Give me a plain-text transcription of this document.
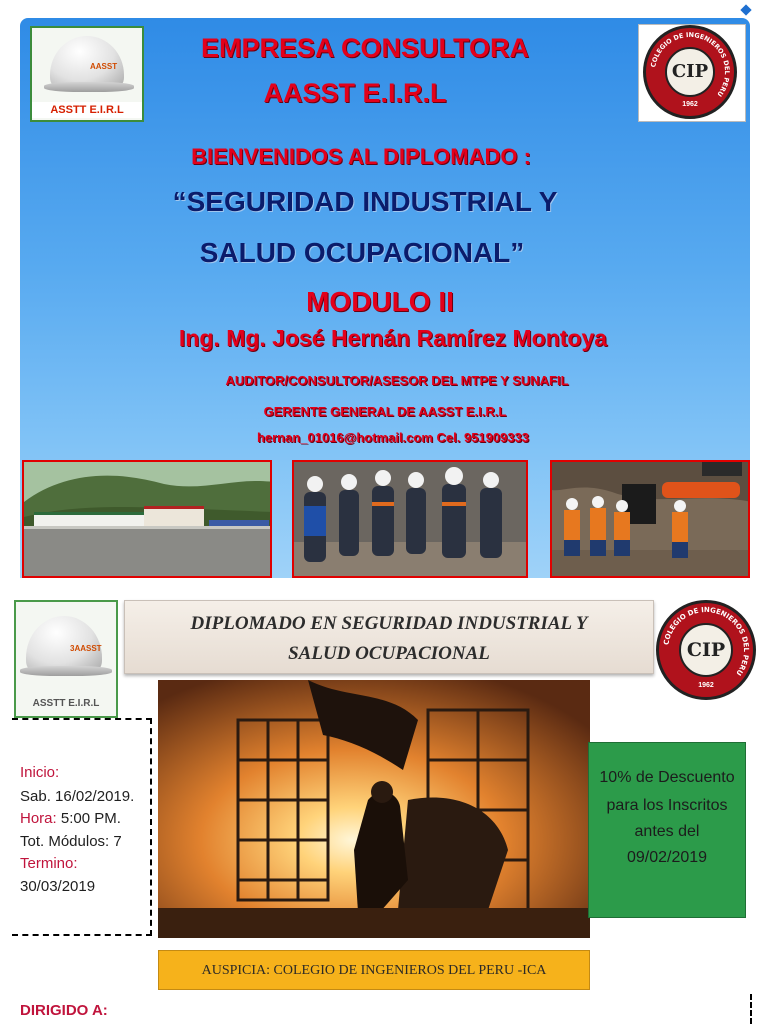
AASST
ASSTT E.I.R.L
COLEGIO DE INGENIEROS DEL PERU
CIP
1962
EMPRESA CONSULTORA
AASST E.I.R.L
BIENVENIDOS AL DIPLOMADO :
“SEGURIDAD INDUSTRIAL Y
SALUD OCUPACIONAL”
MODULO II
Ing. Mg. José Hernán Ramírez Montoya
AUDITOR/CONSULTOR/ASESOR DEL MTPE Y SUNAFIL
GERENTE GENERAL DE AASST E.I.R.L
hernan_01016@hotmail.com Cel. 951909333
3AASST
ASSTT E.I.R.L
DIPLOMADO EN SEGURIDAD INDUSTRIAL Y
SALUD OCUPACIONAL
COLEGIO DE INGENIEROS DEL PERU
CIP
1962
Inicio:
Sab. 16/02/2019.
Hora: 5:00 PM.
Tot. Módulos: 7
Termino:
30/03/2019
10% de Descuento
para los Inscritos
antes del
09/02/2019
AUSPICIA: COLEGIO DE INGENIEROS DEL PERU -ICA
DIRIGIDO A:
